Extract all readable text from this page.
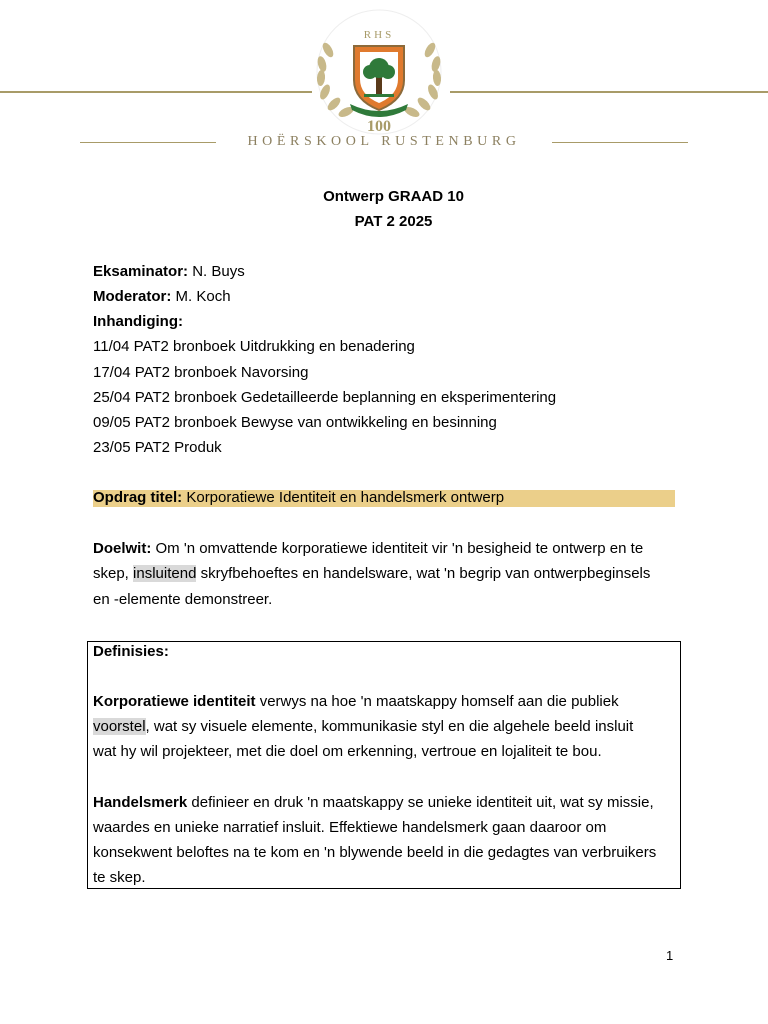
RHS
100
HOËRSKOOL RUSTENBURG
Ontwerp GRAAD 10
PAT 2 2025
Eksaminator: N. Buys
Moderator: M. Koch
Inhandiging:
11/04 PAT2 bronboek Uitdrukking en benadering
17/04 PAT2 bronboek Navorsing
25/04 PAT2 bronboek Gedetailleerde beplanning en eksperimentering
09/05 PAT2 bronboek Bewyse van ontwikkeling en besinning
23/05 PAT2 Produk
Opdrag titel: Korporatiewe Identiteit en handelsmerk ontwerp
Doelwit: Om 'n omvattende korporatiewe identiteit vir 'n besigheid te ontwerp en te
skep, insluitend skryfbehoeftes en handelsware, wat 'n begrip van ontwerpbeginsels
en -elemente demonstreer.
Definisies:
Korporatiewe identiteit verwys na hoe 'n maatskappy homself aan die publiek
voorstel, wat sy visuele elemente, kommunikasie styl en die algehele beeld insluit
wat hy wil projekteer, met die doel om erkenning, vertroue en lojaliteit te bou.
Handelsmerk definieer en druk 'n maatskappy se unieke identiteit uit, wat sy missie,
waardes en unieke narratief insluit. Effektiewe handelsmerk gaan daaroor om
konsekwent beloftes na te kom en 'n blywende beeld in die gedagtes van verbruikers
te skep.
1
